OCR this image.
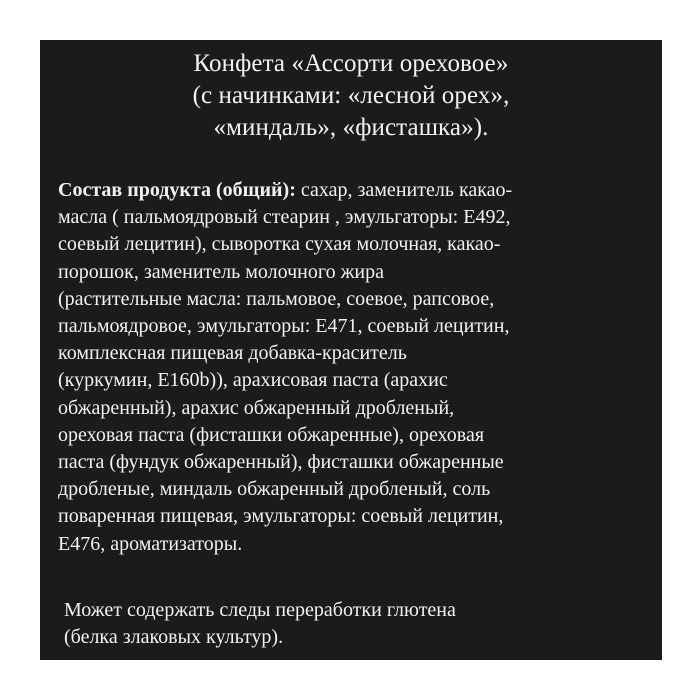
Конфета «Ассорти ореховое»
(с начинками: «лесной орех»,
«миндаль», «фисташка»).
Состав продукта (общий): сахар, заменитель какао-
масла ( пальмоядровый стеарин , эмульгаторы: Е492,
соевый лецитин), сыворотка сухая молочная, какао-
порошок, заменитель молочного жира
(растительные масла: пальмовое, соевое, рапсовое,
пальмоядровое, эмульгаторы: Е471, соевый лецитин,
комплексная пищевая добавка-краситель
(куркумин, Е160b)), арахисовая паста (арахис
обжаренный), арахис обжаренный дробленый,
ореховая паста (фисташки обжаренные), ореховая
паста (фундук обжаренный), фисташки обжаренные
дробленые, миндаль обжаренный дробленый, соль
поваренная пищевая, эмульгаторы: соевый лецитин,
Е476, ароматизаторы.
Может содержать следы переработки глютена
(белка злаковых культур).
